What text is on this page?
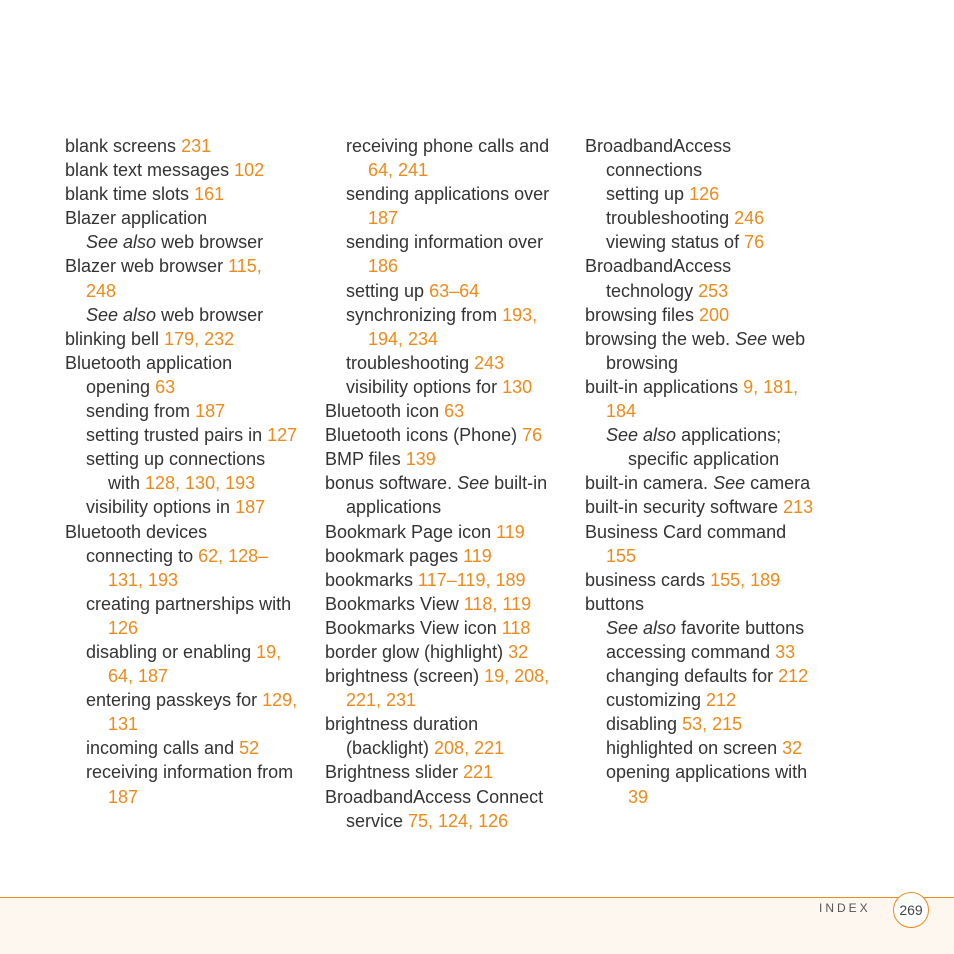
blank screens 231
blank text messages 102
blank time slots 161
Blazer application
See also web browser
Blazer web browser 115,
248
See also web browser
blinking bell 179, 232
Bluetooth application
opening 63
sending from 187
setting trusted pairs in 127
setting up connections
with 128, 130, 193
visibility options in 187
Bluetooth devices
connecting to 62, 128–
131, 193
creating partnerships with
126
disabling or enabling 19,
64, 187
entering passkeys for 129,
131
incoming calls and 52
receiving information from
187
receiving phone calls and
64, 241
sending applications over
187
sending information over
186
setting up 63–64
synchronizing from 193,
194, 234
troubleshooting 243
visibility options for 130
Bluetooth icon 63
Bluetooth icons (Phone) 76
BMP files 139
bonus software. See built-in
applications
Bookmark Page icon 119
bookmark pages 119
bookmarks 117–119, 189
Bookmarks View 118, 119
Bookmarks View icon 118
border glow (highlight) 32
brightness (screen) 19, 208,
221, 231
brightness duration
(backlight) 208, 221
Brightness slider 221
BroadbandAccess Connect
service 75, 124, 126
BroadbandAccess
connections
setting up 126
troubleshooting 246
viewing status of 76
BroadbandAccess
technology 253
browsing files 200
browsing the web. See web
browsing
built-in applications 9, 181,
184
See also applications;
specific application
built-in camera. See camera
built-in security software 213
Business Card command
155
business cards 155, 189
buttons
See also favorite buttons
accessing command 33
changing defaults for 212
customizing 212
disabling 53, 215
highlighted on screen 32
opening applications with
39
INDEX	269
